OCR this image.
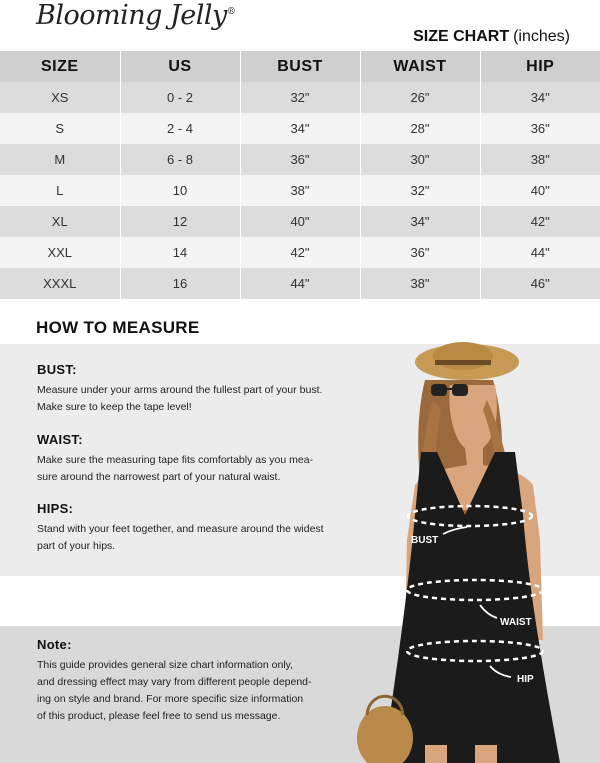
Blooming Jelly®
SIZE CHART (inches)
SIZE	US	BUST	WAIST	HIP
XS	0 - 2	32"	26"	34"
S	2 - 4	34"	28"	36"
M	6 - 8	36"	30"	38"
L	10	38"	32"	40"
XL	12	40"	34"	42"
XXL	14	42"	36"	44"
XXXL	16	44"	38"	46"
HOW TO MEASURE
BUST:

Measure under your arms around the fullest part of your bust.
Make sure to keep the tape level!

WAIST:

Make sure the measuring tape fits comfortably as you mea-
sure around the narrowest part of your natural waist.

HIPS:

Stand with your feet together, and measure around the widest
part of your hips.

Note:

This guide provides general size chart information only,
and dressing effect may vary from different people depend-
ing on style and brand. For more specific size information
of this product, please feel free to send us message.

BUST
WAIST
HIP
